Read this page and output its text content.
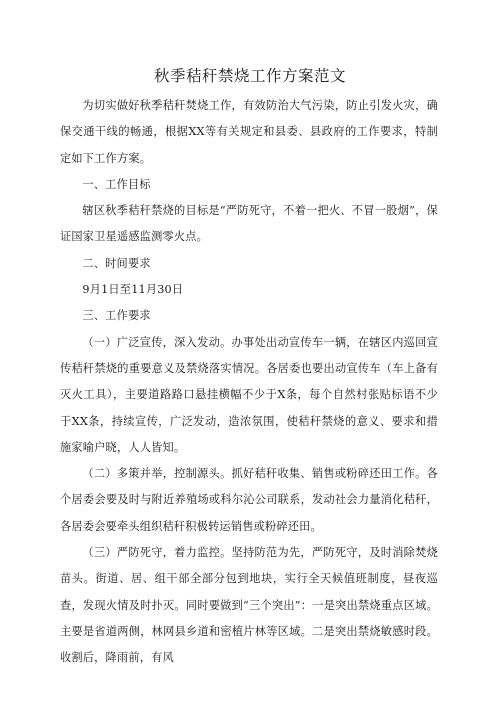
秋季秸秆禁烧工作方案范文

为切实做好秋季秸秆焚烧工作，有效防治大气污染，防止引发火灾，确保交通干线的畅通，根据XX等有关规定和县委、县政府的工作要求，特制定如下工作方案。

一、工作目标

辖区秋季秸秆禁烧的目标是“严防死守，不着一把火、不冒一股烟”，保证国家卫星遥感监测零火点。

二、时间要求

9月1日至11月30日

三、工作要求

（一）广泛宣传，深入发动。办事处出动宣传车一辆，在辖区内巡回宣传秸秆禁烧的重要意义及禁烧落实情况。各居委也要出动宣传车（车上备有灭火工具），主要道路路口悬挂横幅不少于X条，每个自然村张贴标语不少于XX条，持续宣传，广泛发动，造浓氛围，使秸秆禁烧的意义、要求和措施家喻户晓，人人皆知。

（二）多策并举，控制源头。抓好秸秆收集、销售或粉碎还田工作。各个居委会要及时与附近养殖场或科尔沁公司联系，发动社会力量消化秸秆，各居委会要牵头组织秸秆积极转运销售或粉碎还田。

（三）严防死守，着力监控。坚持防范为先，严防死守，及时消除焚烧苗头。街道、居、组干部全部分包到地块，实行全天候值班制度，昼夜巡查，发现火情及时扑灭。同时要做到“三个突出”：一是突出禁烧重点区域。主要是省道两侧，林网县乡道和密植片林等区域。二是突出禁烧敏感时段。收割后，降雨前，有风
